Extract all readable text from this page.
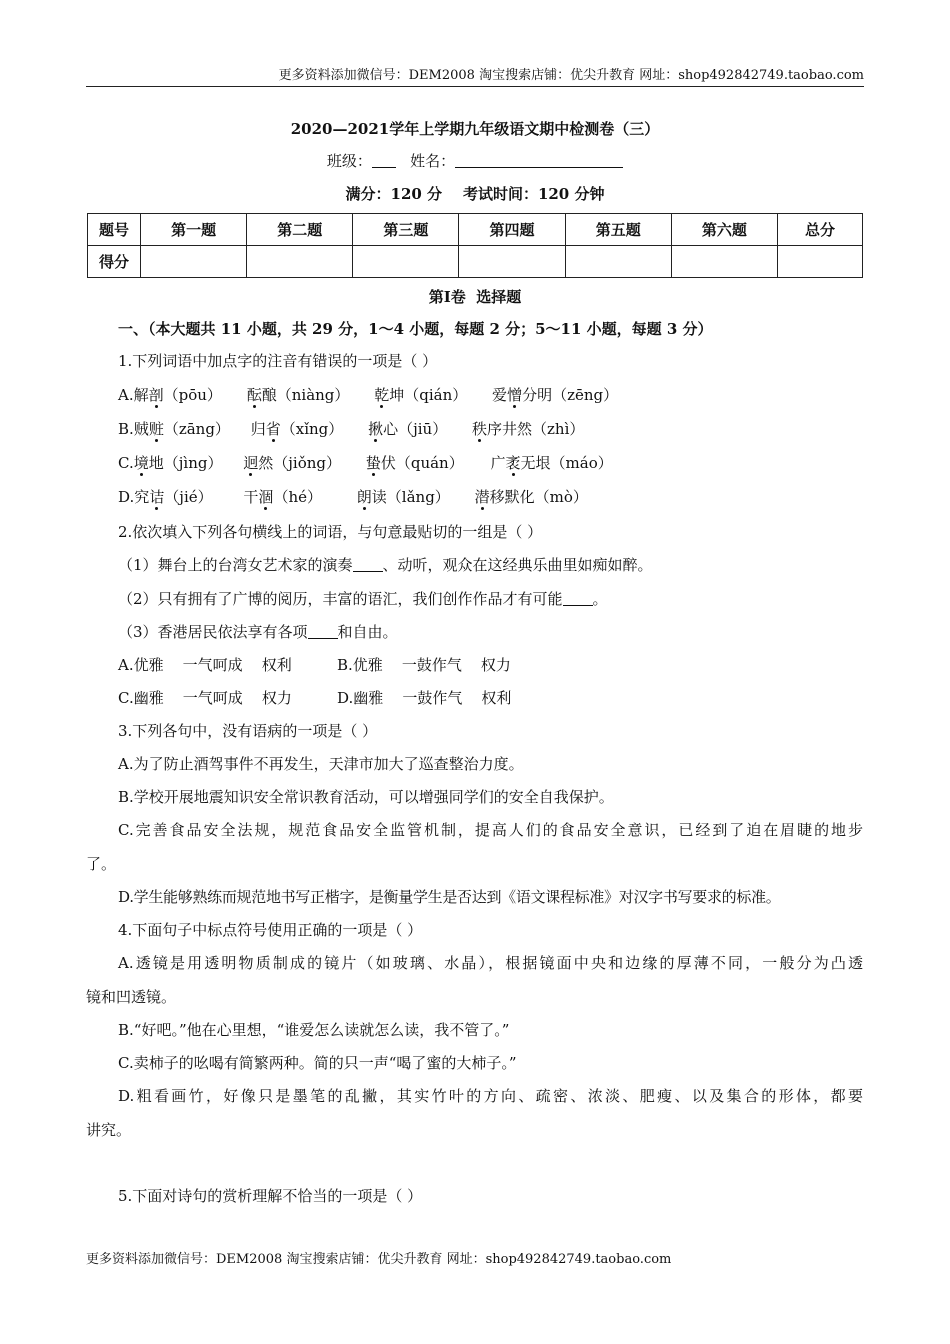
更多资料添加微信号：DEM2008 淘宝搜索店铺：优尖升教育 网址：shop492842749.taobao.com
2020—2021学年上学期九年级语文期中检测卷（三）
班级：	姓名：
满分：120 分    考试时间：120 分钟
题号	第一题	第二题	第三题	第四题	第五题	第六题	总分
得分							
第Ⅰ卷  选择题
一、（本大题共 11 小题，共 29 分，1～4 小题，每题 2 分；5～11 小题，每题 3 分）
1.下列词语中加点字的注音有错误的一项是（ ）
A.解剖（pōu） 酝酿（niàng） 乾坤（qián） 爱憎分明（zēng）
B.贼赃（zāng） 归省（xǐng） 揪心（jiū） 秩序井然（zhì）
C.境地（jìng） 迥然（jiǒng） 蛰伏（quán） 广袤无垠（máo）
D.究诘（jié） 干涸（hé） 朗读（lǎng） 潜移默化（mò）
2.依次填入下列各句横线上的词语，与句意最贴切的一组是（ ）
（1）舞台上的台湾女艺术家的演奏 、动听，观众在这经典乐曲里如痴如醉。
（2）只有拥有了广博的阅历，丰富的语汇，我们创作作品才有可能 。
（3）香港居民依法享有各项 和自由。
A.优雅    一气呵成    权利	B.优雅    一鼓作气    权力
C.幽雅    一气呵成    权力	D.幽雅    一鼓作气    权利
3.下列各句中，没有语病的一项是（ ）
A.为了防止酒驾事件不再发生，天津市加大了巡查整治力度。
B.学校开展地震知识安全常识教育活动，可以增强同学们的安全自我保护。
C.完善食品安全法规，规范食品安全监管机制，提高人们的食品安全意识，已经到了迫在眉睫的地步
了。
D.学生能够熟练而规范地书写正楷字，是衡量学生是否达到《语文课程标准》对汉字书写要求的标准。
4.下面句子中标点符号使用正确的一项是（ ）
A.透镜是用透明物质制成的镜片（如玻璃、水晶），根据镜面中央和边缘的厚薄不同，一般分为凸透
镜和凹透镜。
B.“好吧。”他在心里想，“谁爱怎么读就怎么读，我不管了。”
C.卖柿子的吆喝有简繁两种。简的只一声“喝了蜜的大柿子。”
D.粗看画竹，好像只是墨笔的乱撇，其实竹叶的方向、疏密、浓淡、肥瘦、以及集合的形体，都要
讲究。
5.下面对诗句的赏析理解不恰当的一项是（ ）
更多资料添加微信号：DEM2008 淘宝搜索店铺：优尖升教育 网址：shop492842749.taobao.com
